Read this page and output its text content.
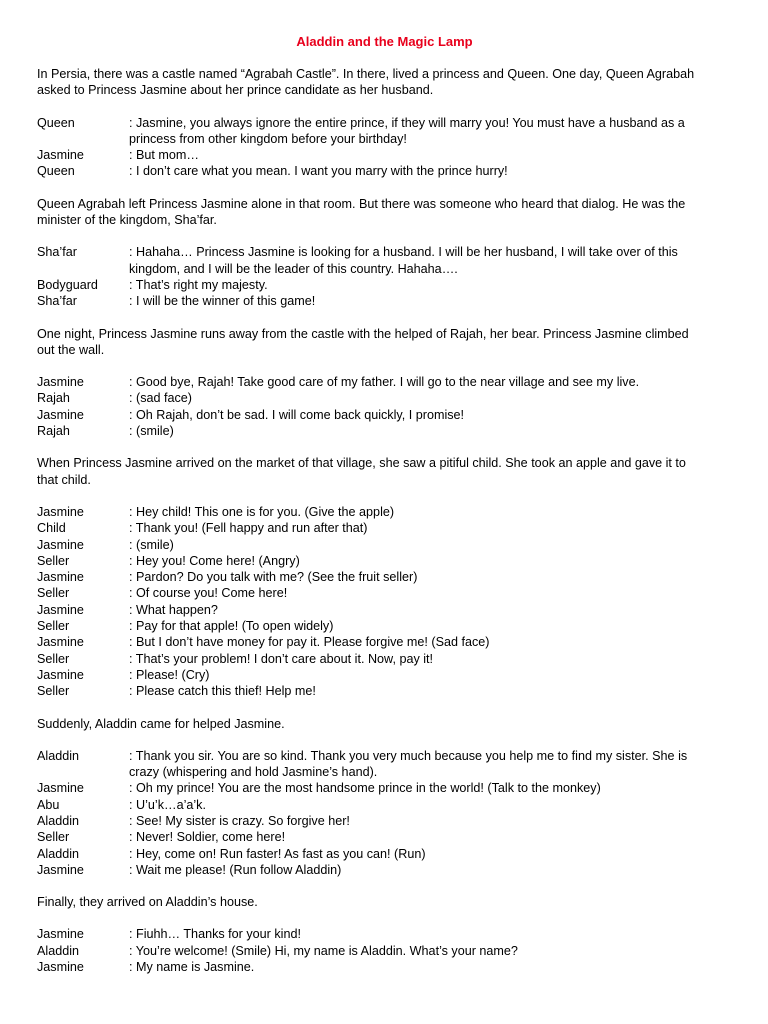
Aladdin and the Magic Lamp
In Persia, there was a castle named “Agrabah Castle”. In there, lived a princess and Queen. One day, Queen Agrabah asked to Princess Jasmine about her prince candidate as her husband.
Queen	: Jasmine, you always ignore the entire prince, if they will marry you! You must have a husband as a princess from other kingdom before your birthday!
Jasmine	: But mom…
Queen	: I don’t care what you mean. I want you marry with the prince hurry!
Queen Agrabah left Princess Jasmine alone in that room. But there was someone who heard that dialog. He was the minister of the kingdom, Sha’far.
Sha’far	: Hahaha… Princess Jasmine is looking for a husband. I will be her husband, I will take over of this kingdom, and I will be the leader of this country. Hahaha….
Bodyguard	: That’s right my majesty.
Sha’far	: I will be the winner of this game!
One night, Princess Jasmine runs away from the castle with the helped of Rajah, her bear. Princess Jasmine climbed out the wall.
Jasmine	: Good bye, Rajah! Take good care of my father. I will go to the near village and see my live.
Rajah	: (sad face)
Jasmine	: Oh Rajah, don’t be sad. I will come back quickly, I promise!
Rajah	: (smile)
When Princess Jasmine arrived on the market of that village, she saw a pitiful child. She took an apple and gave it to that child.
Jasmine	: Hey child! This one is for you. (Give the apple)
Child	: Thank you! (Fell happy and run after that)
Jasmine	: (smile)
Seller	: Hey you! Come here! (Angry)
Jasmine	: Pardon? Do you talk with me? (See the fruit seller)
Seller	: Of course you! Come here!
Jasmine	: What happen?
Seller	: Pay for that apple! (To open widely)
Jasmine	: But I don’t have money for pay it. Please forgive me! (Sad face)
Seller	: That’s your problem! I don’t care about it. Now, pay it!
Jasmine	: Please! (Cry)
Seller	: Please catch this thief! Help me!
Suddenly, Aladdin came for helped Jasmine.
Aladdin	: Thank you sir. You are so kind. Thank you very much because you help me to find my sister. She is crazy (whispering and hold Jasmine’s hand).
Jasmine	: Oh my prince! You are the most handsome prince in the world! (Talk to the monkey)
Abu	: U’u’k…a’a’k.
Aladdin	: See! My sister is crazy. So forgive her!
Seller	: Never! Soldier, come here!
Aladdin	: Hey, come on! Run faster! As fast as you can! (Run)
Jasmine	: Wait me please! (Run follow Aladdin)
Finally, they arrived on Aladdin’s house.
Jasmine	: Fiuhh… Thanks for your kind!
Aladdin	: You’re welcome! (Smile) Hi, my name is Aladdin. What’s your name?
Jasmine	: My name is Jasmine.
